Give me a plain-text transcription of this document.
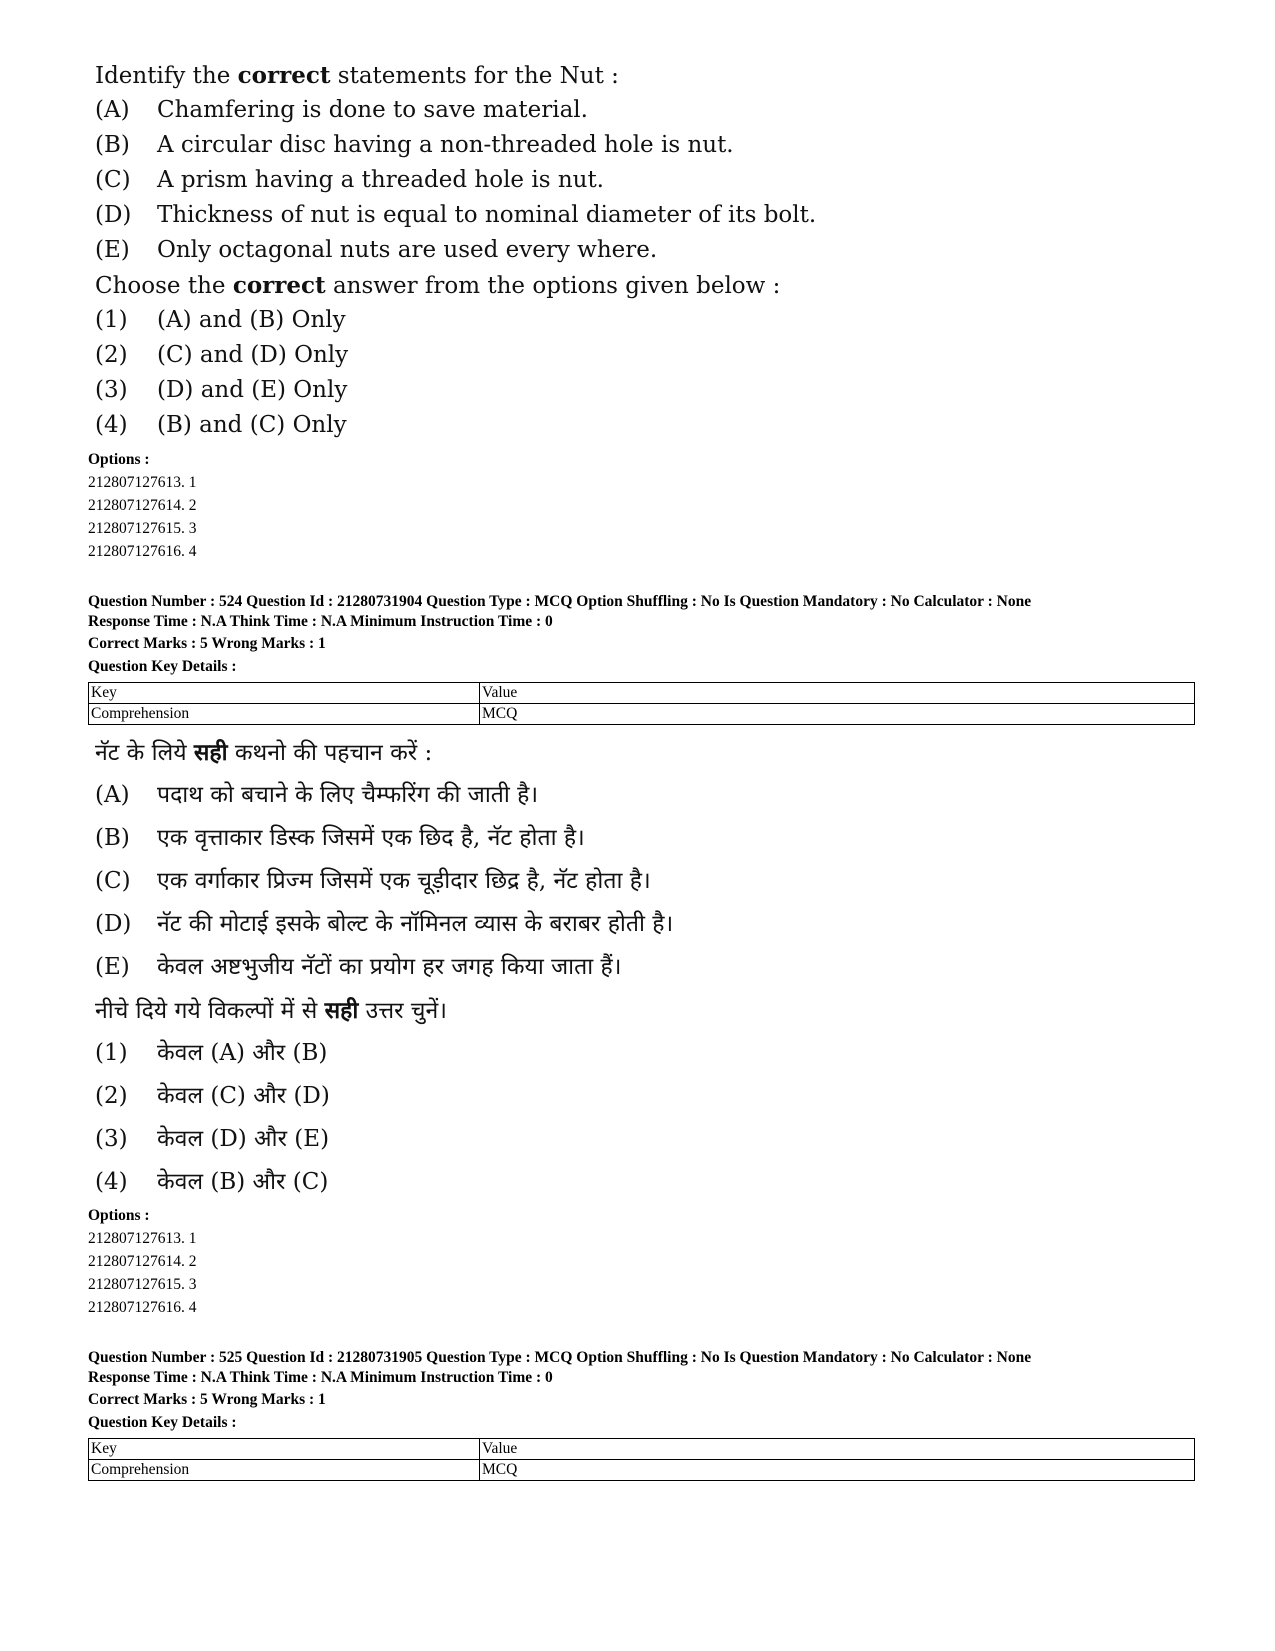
Identify the correct statements for the Nut :
(A) Chamfering is done to save material.
(B) A circular disc having a non-threaded hole is nut.
(C) A prism having a threaded hole is nut.
(D) Thickness of nut is equal to nominal diameter of its bolt.
(E) Only octagonal nuts are used every where.
Choose the correct answer from the options given below :
(1) (A) and (B) Only
(2) (C) and (D) Only
(3) (D) and (E) Only
(4) (B) and (C) Only
Options :
212807127613. 1
212807127614. 2
212807127615. 3
212807127616. 4
Question Number : 524 Question Id : 21280731904 Question Type : MCQ Option Shuffling : No Is Question Mandatory : No Calculator : None
Response Time : N.A Think Time : N.A Minimum Instruction Time : 0
Correct Marks : 5 Wrong Marks : 1
Question Key Details :
Key	Value
Comprehension	MCQ
नॅट के लिये सही कथनो की पहचान करें :
(A) पदाथ को बचाने के लिए चैम्फरिंग की जाती है।
(B) एक वृत्ताकार डिस्क जिसमें एक छिद है, नॅट होता है।
(C) एक वर्गाकार प्रिज्म जिसमें एक चूड़ीदार छिद्र है, नॅट होता है।
(D) नॅट की मोटाई इसके बोल्ट के नॉमिनल व्यास के बराबर होती है।
(E) केवल अष्टभुजीय नॅटों का प्रयोग हर जगह किया जाता हैं।
नीचे दिये गये विकल्पों में से सही उत्तर चुनें।
(1) केवल (A) और (B)
(2) केवल (C) और (D)
(3) केवल (D) और (E)
(4) केवल (B) और (C)
Options :
212807127613. 1
212807127614. 2
212807127615. 3
212807127616. 4
Question Number : 525 Question Id : 21280731905 Question Type : MCQ Option Shuffling : No Is Question Mandatory : No Calculator : None
Response Time : N.A Think Time : N.A Minimum Instruction Time : 0
Correct Marks : 5 Wrong Marks : 1
Question Key Details :
Key	Value
Comprehension	MCQ
